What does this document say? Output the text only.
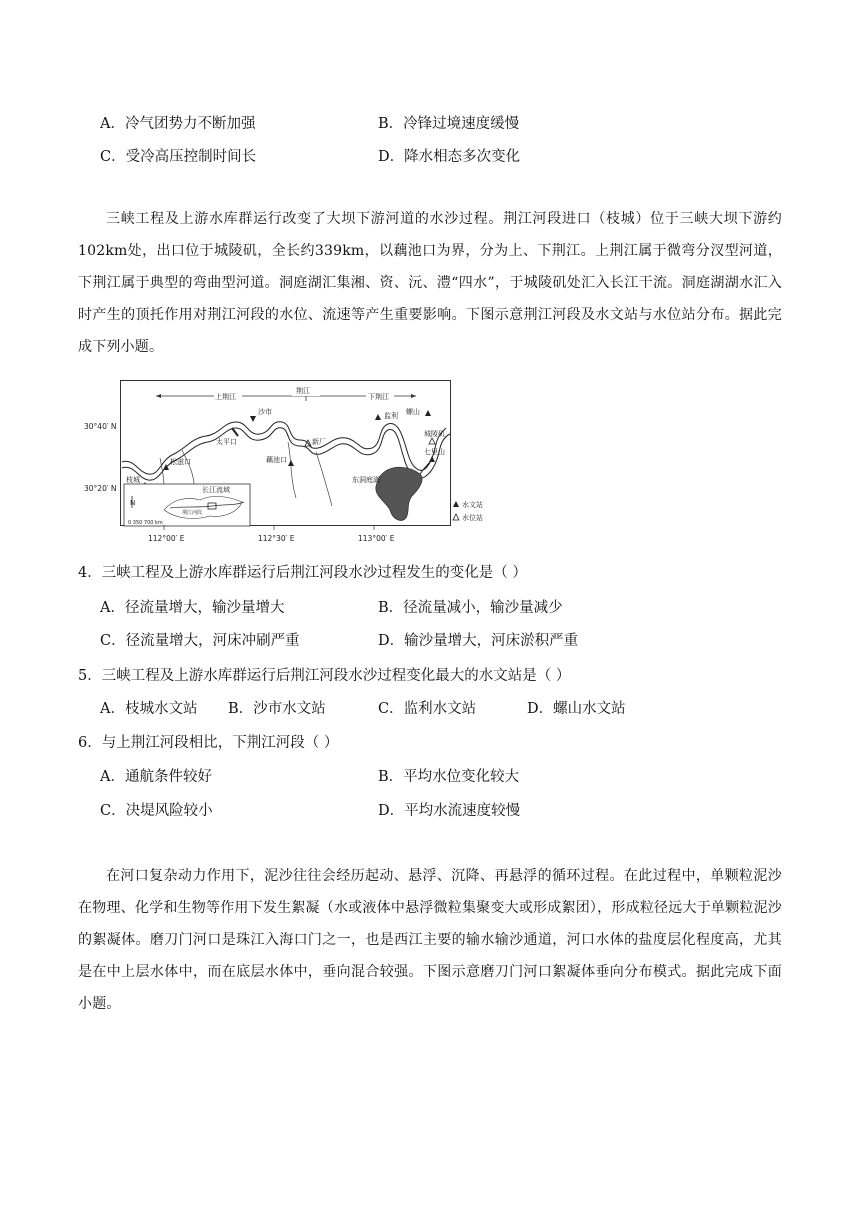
A．冷气团势力不断加强	B．冷锋过境速度缓慢
C．受冷高压控制时间长	D．降水相态多次变化
三峡工程及上游水库群运行改变了大坝下游河道的水沙过程。荆江河段进口（枝城）位于三峡大坝下游约102km处，出口位于城陵矶，全长约339km，以藕池口为界，分为上、下荆江。上荆江属于微弯分汊型河道，下荆江属于典型的弯曲型河道。洞庭湖汇集湘、资、沅、澧“四水”，于城陵矶处汇入长江干流。洞庭湖湖水汇入时产生的顶托作用对荆江河段的水位、流速等产生重要影响。下图示意荆江河段及水文站与水位站分布。据此完成下列小题。
荆江
上荆江	下荆江
枝城
松滋口
太平口
沙市
新厂
藕池口
监利 螺山
城陵矶
七里山
东洞庭湖
长江流域
荆江河段
N
0 350 700 km
水文站
水位站
30°40′ N
30°20′ N
112°00′ E	112°30′ E	113°00′ E
4．三峡工程及上游水库群运行后荆江河段水沙过程发生的变化是（ ）
A．径流量增大，输沙量增大	B．径流量减小，输沙量减少
C．径流量增大，河床冲刷严重	D．输沙量增大，河床淤积严重
5．三峡工程及上游水库群运行后荆江河段水沙过程变化最大的水文站是（ ）
A．枝城水文站 B．沙市水文站	C．监利水文站	D．螺山水文站
6．与上荆江河段相比，下荆江河段（ ）
A．通航条件较好	B．平均水位变化较大
C．决堤风险较小	D．平均水流速度较慢
在河口复杂动力作用下，泥沙往往会经历起动、悬浮、沉降、再悬浮的循环过程。在此过程中，单颗粒泥沙在物理、化学和生物等作用下发生絮凝（水或液体中悬浮微粒集聚变大或形成絮团），形成粒径远大于单颗粒泥沙的絮凝体。磨刀门河口是珠江入海口门之一，也是西江主要的输水输沙通道，河口水体的盐度层化程度高，尤其是在中上层水体中，而在底层水体中，垂向混合较强。下图示意磨刀门河口絮凝体垂向分布模式。据此完成下面小题。
